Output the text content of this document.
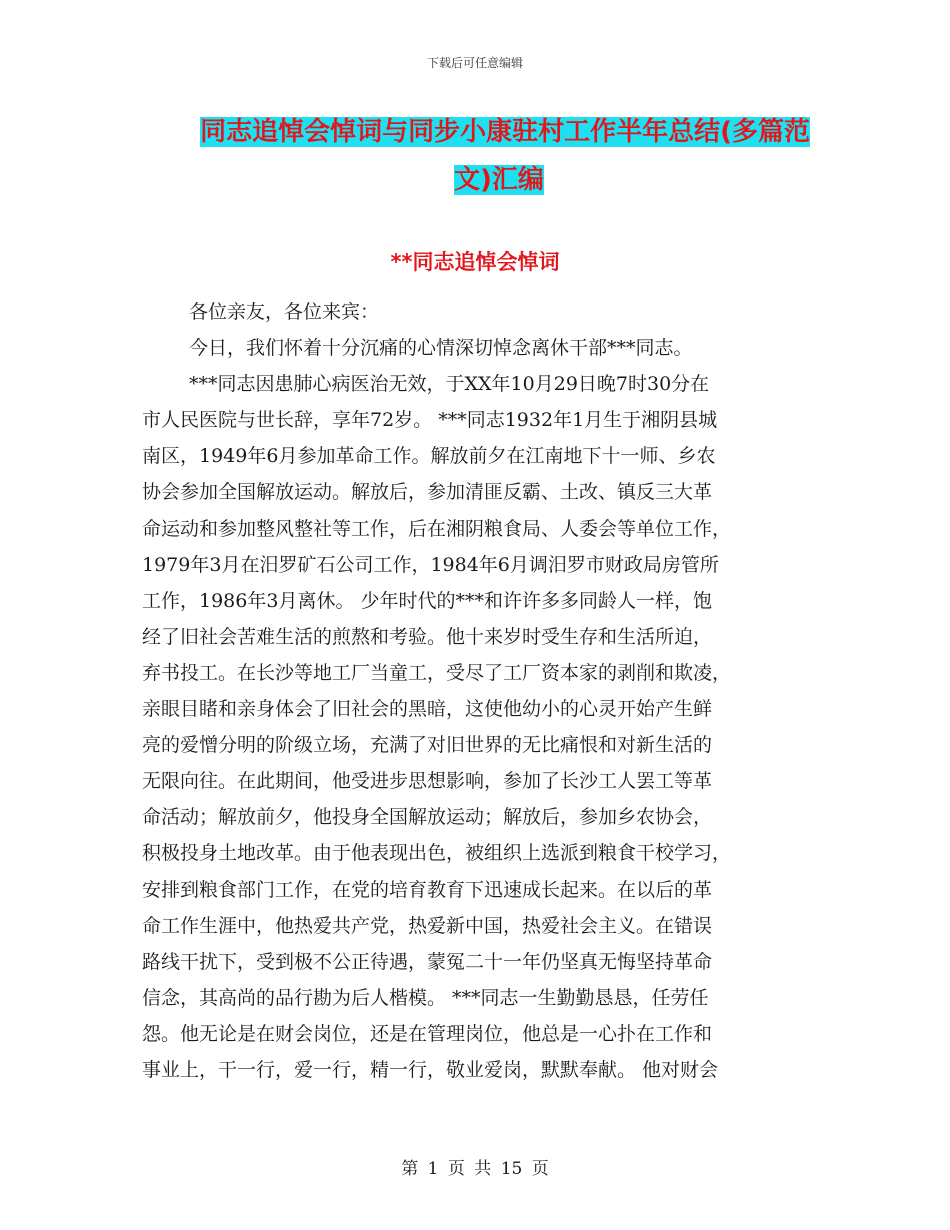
下载后可任意编辑
同志追悼会悼词与同步小康驻村工作半年总结(多篇范
文)汇编
**同志追悼会悼词
各位亲友，各位来宾：
今日，我们怀着十分沉痛的心情深切悼念离休干部***同志。
***同志因患肺心病医治无效，于XX年10月29日晚7时30分在
市人民医院与世长辞，享年72岁。 ***同志1932年1月生于湘阴县城
南区，1949年6月参加革命工作。解放前夕在江南地下十一师、乡农
协会参加全国解放运动。解放后，参加清匪反霸、土改、镇反三大革
命运动和参加整风整社等工作，后在湘阴粮食局、人委会等单位工作，
1979年3月在汨罗矿石公司工作，1984年6月调汨罗市财政局房管所
工作，1986年3月离休。 少年时代的***和许许多多同龄人一样，饱
经了旧社会苦难生活的煎熬和考验。他十来岁时受生存和生活所迫，
弃书投工。在长沙等地工厂当童工，受尽了工厂资本家的剥削和欺凌，
亲眼目睹和亲身体会了旧社会的黑暗，这使他幼小的心灵开始产生鲜
亮的爱憎分明的阶级立场，充满了对旧世界的无比痛恨和对新生活的
无限向往。在此期间，他受进步思想影响，参加了长沙工人罢工等革
命活动；解放前夕，他投身全国解放运动；解放后，参加乡农协会，
积极投身土地改革。由于他表现出色，被组织上选派到粮食干校学习，
安排到粮食部门工作，在党的培育教育下迅速成长起来。在以后的革
命工作生涯中，他热爱共产党，热爱新中国，热爱社会主义。在错误
路线干扰下，受到极不公正待遇，蒙冤二十一年仍坚真无悔坚持革命
信念，其高尚的品行勘为后人楷模。 ***同志一生勤勤恳恳，任劳任
怨。他无论是在财会岗位，还是在管理岗位，他总是一心扑在工作和
事业上，干一行，爱一行，精一行，敬业爱岗，默默奉献。 他对财会
第 1 页 共 15 页
